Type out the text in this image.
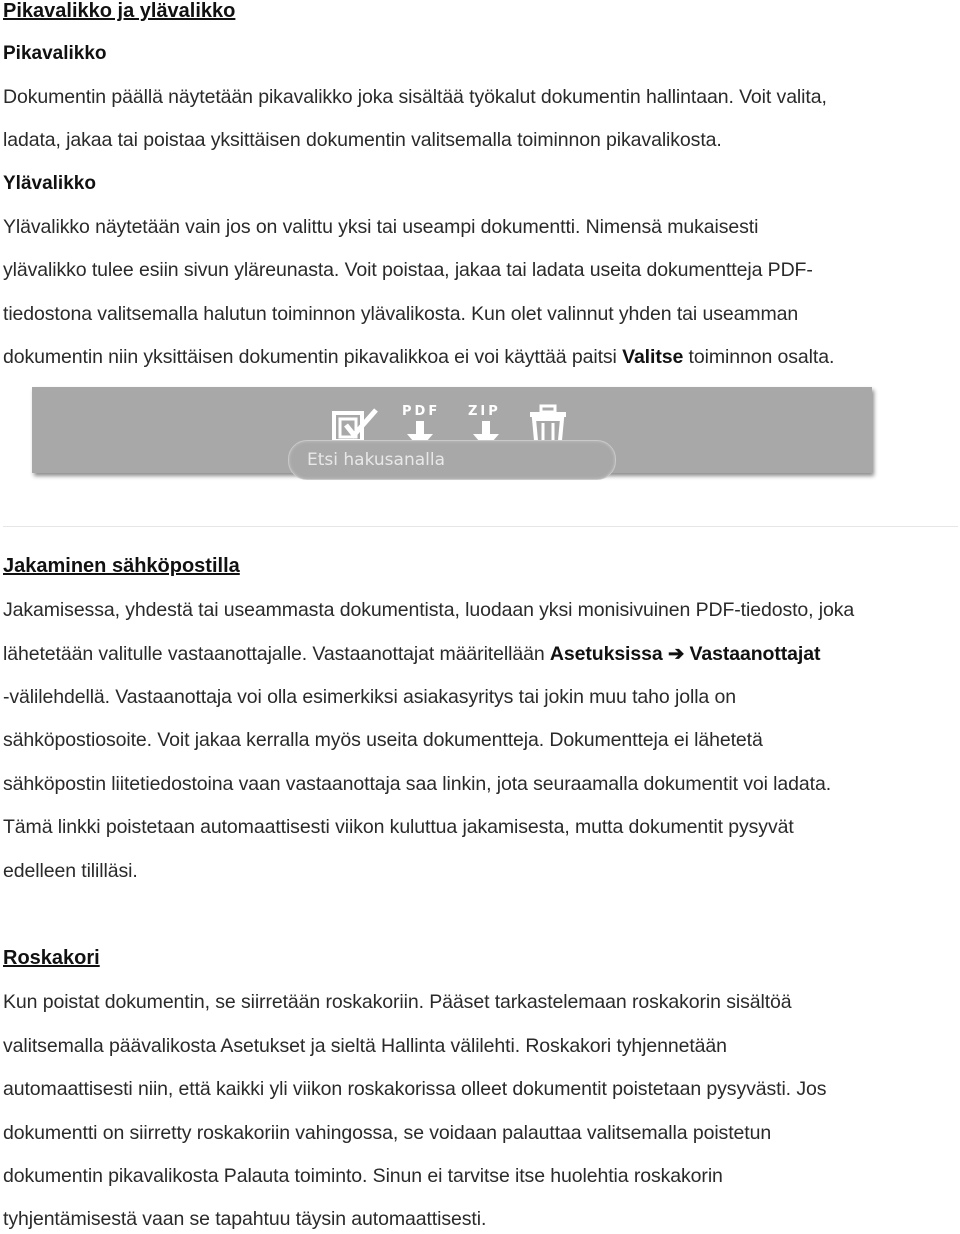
Pikavalikko ja ylävalikko
Pikavalikko
Dokumentin päällä näytetään pikavalikko joka sisältää työkalut dokumentin hallintaan. Voit valita,
ladata, jakaa tai poistaa yksittäisen dokumentin valitsemalla toiminnon pikavalikosta.
Ylävalikko
Ylävalikko näytetään vain jos on valittu yksi tai useampi dokumentti. Nimensä mukaisesti
ylävalikko tulee esiin sivun yläreunasta. Voit poistaa, jakaa tai ladata useita dokumentteja PDF-
tiedostona valitsemalla halutun toiminnon ylävalikosta. Kun olet valinnut yhden tai useamman
dokumentin niin yksittäisen dokumentin pikavalikkoa ei voi käyttää paitsi Valitse toiminnon osalta.
PDF ZIP
Etsi hakusanalla
Jakaminen sähköpostilla
Jakamisessa, yhdestä tai useammasta dokumentista, luodaan yksi monisivuinen PDF-tiedosto, joka
lähetetään valitulle vastaanottajalle. Vastaanottajat määritellään Asetuksissa ➔ Vastaanottajat
-välilehdellä. Vastaanottaja voi olla esimerkiksi asiakasyritys tai jokin muu taho jolla on
sähköpostiosoite. Voit jakaa kerralla myös useita dokumentteja. Dokumentteja ei lähetetä
sähköpostin liitetiedostoina vaan vastaanottaja saa linkin, jota seuraamalla dokumentit voi ladata.
Tämä linkki poistetaan automaattisesti viikon kuluttua jakamisesta, mutta dokumentit pysyvät
edelleen tililläsi.
Roskakori
Kun poistat dokumentin, se siirretään roskakoriin. Pääset tarkastelemaan roskakorin sisältöä
valitsemalla päävalikosta Asetukset ja sieltä Hallinta välilehti. Roskakori tyhjennetään
automaattisesti niin, että kaikki yli viikon roskakorissa olleet dokumentit poistetaan pysyvästi. Jos
dokumentti on siirretty roskakoriin vahingossa, se voidaan palauttaa valitsemalla poistetun
dokumentin pikavalikosta Palauta toiminto. Sinun ei tarvitse itse huolehtia roskakorin
tyhjentämisestä vaan se tapahtuu täysin automaattisesti.
